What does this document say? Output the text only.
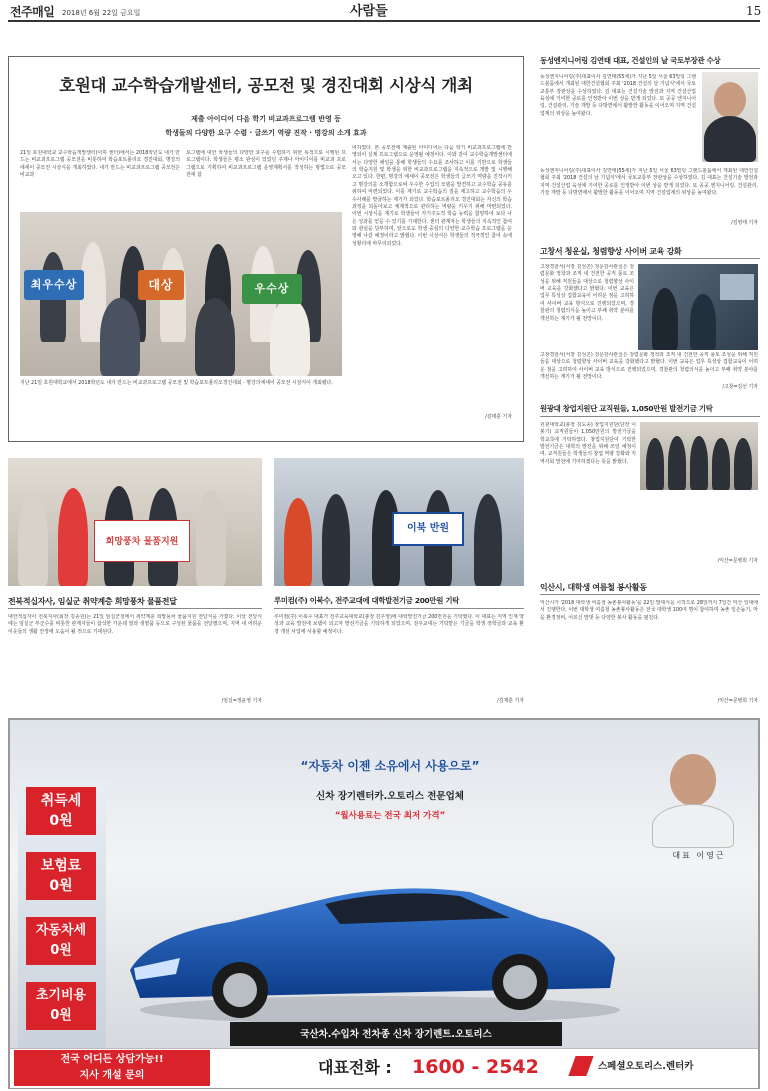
전주매일 2018년 6월 22일 금요일	사람들	15
호원대 교수학습개발센터, 공모전 및 경진대회 시상식 개최
제출 아이디어 다음 학기 비교과프로그램 반영 등
학생들의 다양한 요구 수렴 · 글쓰기 역량 진작 · 명강의 소개 효과
21일 호원대학교 교수학습개발센터(이하 센터)에서는 2018학년도 내가 만드는 비교과프로그램 공모전을 비롯하여 학습포트폴리오 경진대회, 명강의 에세이 공모전 시상식을 개최하였다. 내가 만드는 비교과프로그램 공모전은 비교과
로그램에 대한 학생들의 다양한 요구를 수렴하기 위한 목적으로 시행된 프로그램이다. 학생들은 평소 관심이 있었던 주제나 아이디어를 비교과 프로그램으로 기획하여 비교과프로그램 운영계획서를 작성하는 방법으로 공모전에 참
여하였다. 본 공모전에 제출된 아이디어는 다음 학기 비교과프로그램에 반영되어 실제 프로그램으로 운영될 예정이다. 이와 같이 교수학습개발센터에서는 다양한 채널을 통해 학생들의 수요를 조사하고 이를 기반으로 학생들의 학습지원 및 학생을 위한 비교과프로그램을 지속적으로 개발 및 시행해 오고 있다. 한편, 명강의 에세이 공모전은 학생들의 글쓰기 역량을 진작시키고 명강의를 소개함으로써 우수한 수업의 모델을 발견하고 교수학습 공유를 위하여 마련되었다. 이를 계기로 교수학습의 질을 제고하고 교수학습의 우수사례를 발굴하는 계기가 되었다. 학습포트폴리오 경진대회는 자신의 학습 과정을 되돌아보고 체계적으로 관리하는 역량을 키우기 위해 마련되었다. 이번 시상식을 계기로 학생들이 자기주도적 학습 능력을 함양하여 보다 나은 성과를 얻을 수 있기를 기대한다. 센터 관계자는 학생들의 지속적인 참여와 관심을 당부하며, 앞으로도 학생 중심의 다양한 교수학습 프로그램을 운영해 나갈 예정이라고 밝혔다. 이번 시상식은 학생들의 적극적인 참여 속에 성황리에 마무리되었다.
/김태훈 기자
최우수상	대상	우수상
지난 21일 호원대학교에서 2018학년도 내가 만드는 비교과프로그램 공모전 및 학습포트폴리오경진대회 · 명강의에세이 공모전 시상식이 개최됐다.
동성엔지니어링 김연태 대표, 건설인의 날 국토부장관 수상
동성엔지니어링(주)대표이사 김연태(55세)가 지난 5일 서울 63빌딩 그랜드볼룸에서 개최된 대한건설협회 주최 '2018 건설의 날 기념식'에서 국토교통부 장관상을 수상하였다. 김 대표는 건설기술 발전과 지역 건설산업 육성에 기여한 공로를 인정받아 이번 상을 받게 되었다. 또 공공 엔지니어링, 건설관리, 기술 개발 등 다방면에서 활발한 활동을 이어오며 지역 건설업계의 위상을 높여왔다.
동성엔지니어링(주)대표이사 김연태(55세)가 지난 5일 서울 63빌딩 그랜드볼룸에서 개최된 대한건설협회 주최 '2018 건설의 날 기념식'에서 국토교통부 장관상을 수상하였다. 김 대표는 건설기술 발전과 지역 건설산업 육성에 기여한 공로를 인정받아 이번 상을 받게 되었다. 또 공공 엔지니어링, 건설관리, 기술 개발 등 다방면에서 활발한 활동을 이어오며 지역 건설업계의 위상을 높여왔다.
/김영태 기자
고창서 청운실, 청렴향상 사이버 교육 강화
고창경찰서(서장 김성곤) 청문감사관실은 청렴문화 정착과 조직 내 건전한 공직 풍토 조성을 위해 직원들을 대상으로 청렴향상 사이버 교육을 강화했다고 밝혔다. 이번 교육은 업무 특성상 집합교육이 어려운 점을 고려하여 사이버 교육 방식으로 진행되었으며, 경찰관의 청렴의식을 높이고 부패 취약 분야를 개선하는 계기가 될 전망이다.
고창경찰서(서장 김성곤) 청문감사관실은 청렴문화 정착과 조직 내 건전한 공직 풍토 조성을 위해 직원들을 대상으로 청렴향상 사이버 교육을 강화했다고 밝혔다. 이번 교육은 업무 특성상 집합교육이 어려운 점을 고려하여 사이버 교육 방식으로 진행되었으며, 경찰관의 청렴의식을 높이고 부패 취약 분야를 개선하는 계기가 될 전망이다.
/고창=김선 기자
원광대 창업지원단 교직원들, 1,050만원 발전기금 기탁
원광대학교(총장 김도종) 창업지원단(단장 이봉기) 교직원들이 1,050만원의 발전기금을 학교측에 기탁하였다. 창업지원단이 기탁한 발전기금은 대학의 발전을 위해 쓰일 예정이며, 교직원들은 학생들의 창업 역량 강화와 지역사회 발전에 기여하겠다는 뜻을 밝혔다.
/익산=문병희 기자
익산시, 대학생 여름철 봉사활동
익산시가 '2018 대학생 여름철 농촌봉사활동'을 22일 발대식을 시작으로 28일까지 7일간 익산 일대에서 진행한다. 이번 대학생 여름철 농촌봉사활동은 전국 대학생 100여 명이 참여하며 농촌 일손돕기, 마을 환경정비, 어르신 말벗 등 다양한 봉사 활동을 펼친다.
/익산=문병희 기자
희망풍차 물품지원
전북적십자사, 임실군 취약계층 희망풍차 물품전달
대한적십자사 전북지사(회장 김종원)는 21일 임실군청에서 취약계층 희망풍차 물품지원 전달식을 가졌다. 이날 전달식에는 임실군 부군수를 비롯한 관계자들이 참석한 가운데 쌀과 생필품 등으로 구성된 물품을 전달했으며, 지역 내 어려운 이웃들의 생활 안정에 도움이 될 것으로 기대된다.
/임실=정윤영 기자
이북 반원
루미컴(주) 이북수, 전주교대에 대학발전기금 200만원 기탁
루미컴(주) 이북수 대표가 전주교육대학교(총장 김우영)에 대학발전기금 200만원을 기탁했다. 이 대표는 지역 인재 양성과 교육 발전에 보탬이 되고자 발전기금을 기탁하게 되었으며, 전주교대는 기탁받은 기금을 학생 장학금과 교육 환경 개선 사업에 사용할 예정이다.
/김재훈 기자
취득세
0원
보험료
0원
자동차세
0원
초기비용
0원
“자동차 이젠 소유에서 사용으로”
신차 장기렌터카.오토리스 전문업체
“월사용료는 전국 최저 가격”
대표 이영근
국산차.수입차 전차종 신차 장기렌트.오토리스
전국 어디든 상담가능!!
지사 개설 문의	대표전화 : 1600 - 2542	스페셜오토리스.렌터카
